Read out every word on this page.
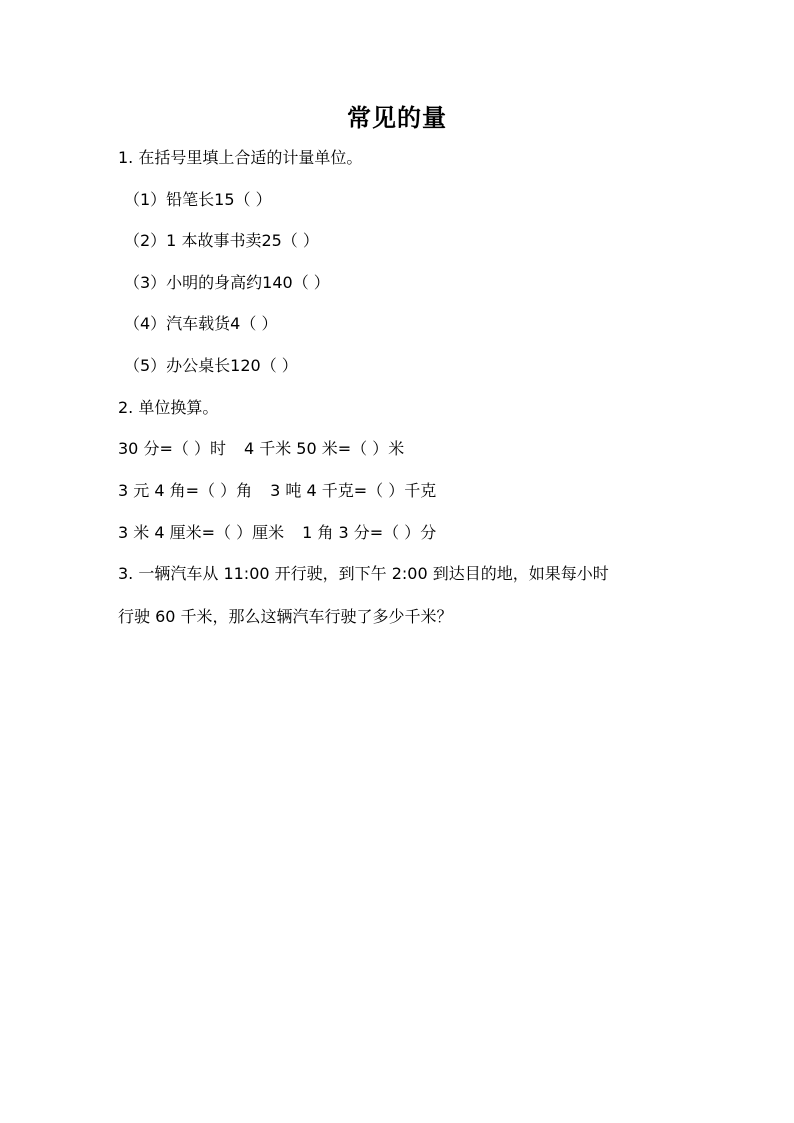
常见的量
1. 在括号里填上合适的计量单位。
（1）铅笔长15（ ）
（2）1 本故事书卖25（ ）
（3）小明的身高约140（ ）
（4）汽车载货4（ ）
（5）办公桌长120（ ）
2. 单位换算。
30 分=（ ）时 4 千米 50 米=（ ）米
3 元 4 角=（ ）角 3 吨 4 千克=（ ）千克
3 米 4 厘米=（ ）厘米 1 角 3 分=（ ）分
3. 一辆汽车从 11:00 开行驶，到下午 2:00 到达目的地，如果每小时
行驶 60 千米，那么这辆汽车行驶了多少千米？
